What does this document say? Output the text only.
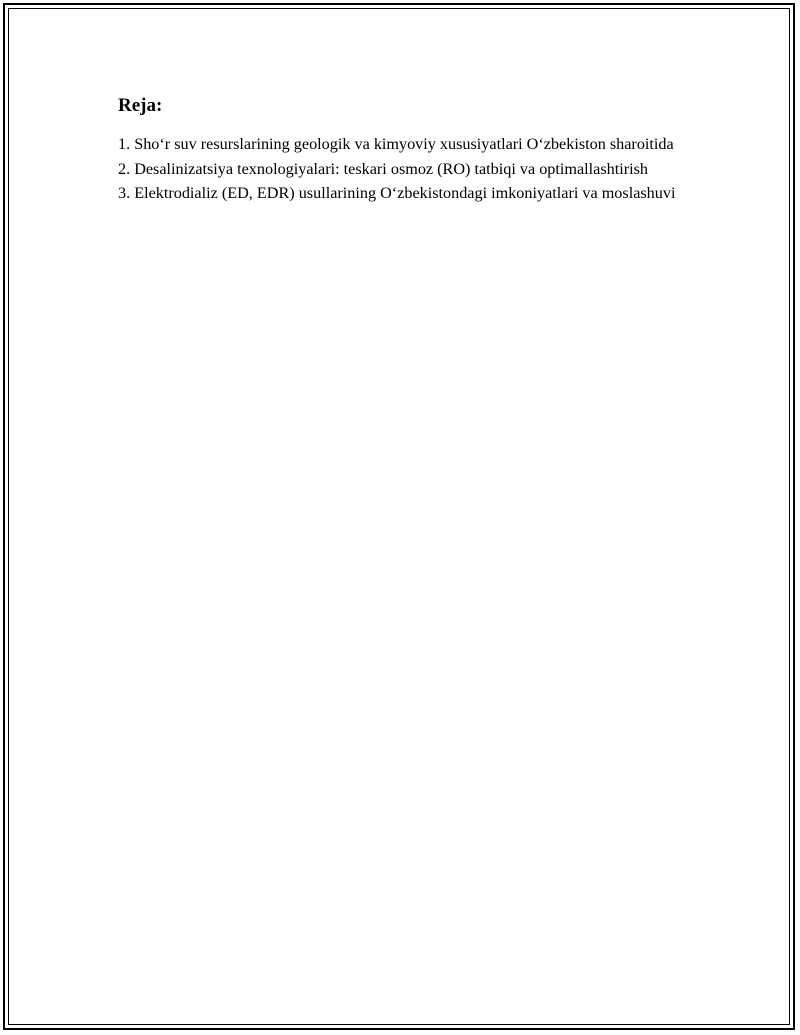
Reja:

1. Sho‘r suv resurslarining geologik va kimyoviy xususiyatlari O‘zbekiston sharoitida

2. Desalinizatsiya texnologiyalari: teskari osmoz (RO) tatbiqi va optimallashtirish

3. Elektrodializ (ED, EDR) usullarining O‘zbekistondagi imkoniyatlari va moslashuvi
